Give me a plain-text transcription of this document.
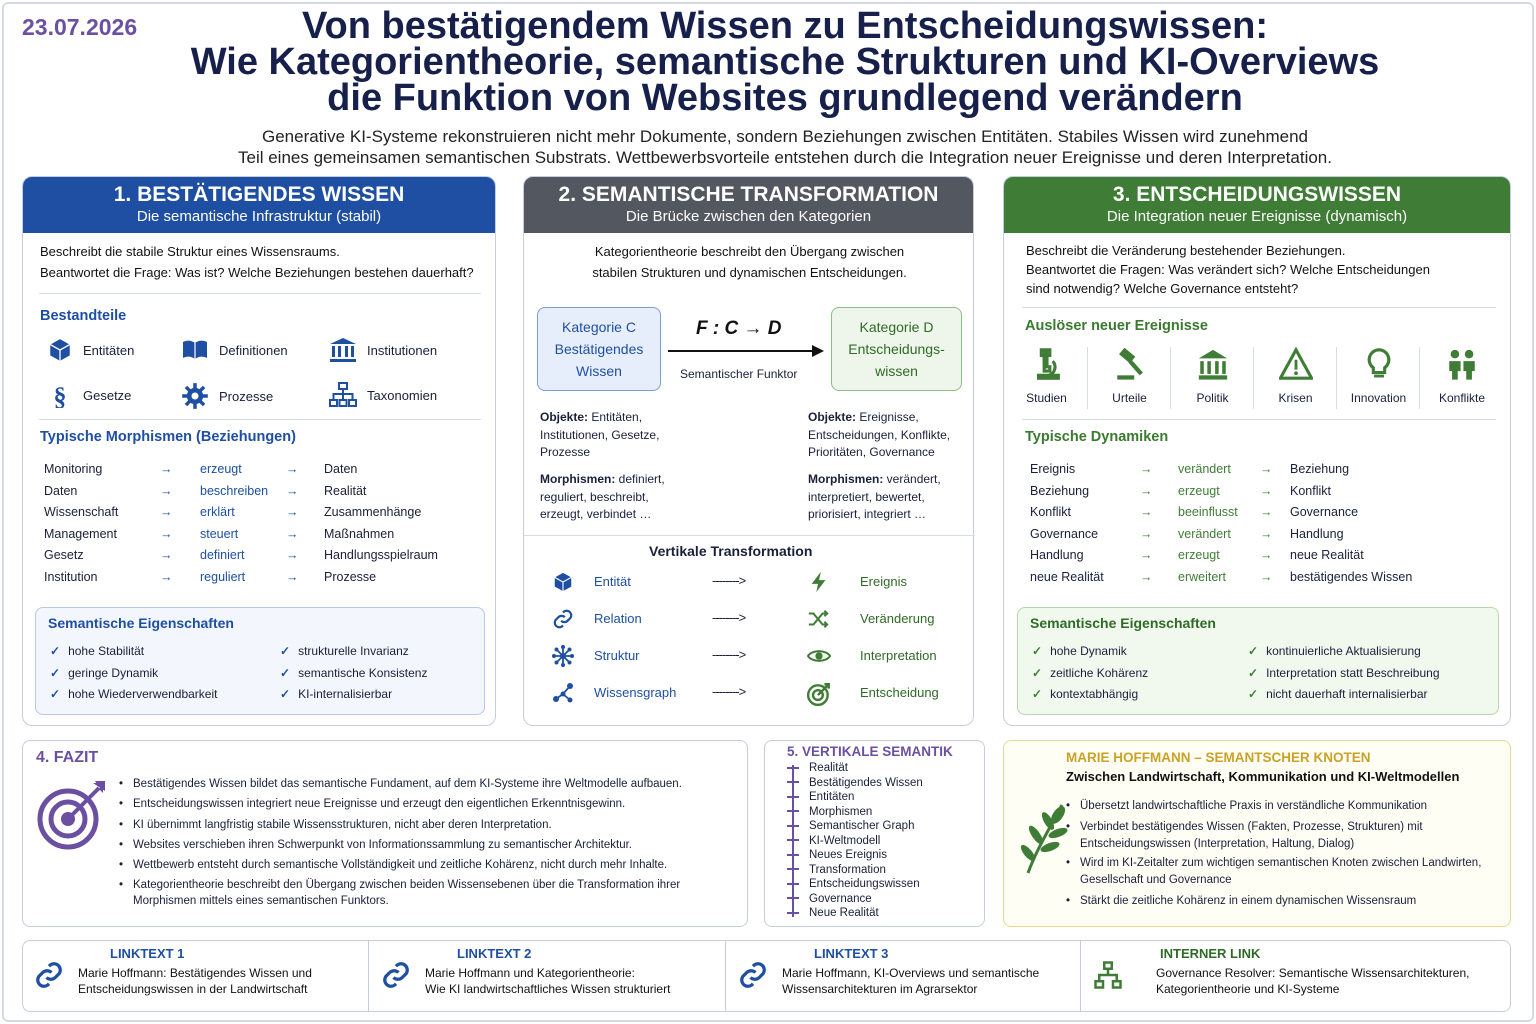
23.07.2026	Von bestätigendem Wissen zu Entscheidungswissen:
Wie Kategorientheorie, semantische Strukturen und KI-Overviews
die Funktion von Websites grundlegend verändern
Generative KI-Systeme rekonstruieren nicht mehr Dokumente, sondern Beziehungen zwischen Entitäten. Stabiles Wissen wird zunehmend
Teil eines gemeinsamen semantischen Substrats. Wettbewerbsvorteile entstehen durch die Integration neuer Ereignisse und deren Interpretation.
1. BESTÄTIGENDES WISSEN
Die semantische Infrastruktur (stabil)
Beschreibt die stabile Struktur eines Wissensraums.
Beantwortet die Frage: Was ist? Welche Beziehungen bestehen dauerhaft?
Bestandteile
Entitäten	Definitionen	Institutionen
§ Gesetze	Prozesse	Taxonomien
Typische Morphismen (Beziehungen)
Monitoring	→ erzeugt	→ Daten
Daten	→ beschreiben → Realität
Wissenschaft	→ erklärt	→ Zusammenhänge
Management	→ steuert	→ Maßnahmen
Gesetz	→ definiert	→ Handlungsspielraum
Institution	→ reguliert	→ Prozesse
Semantische Eigenschaften
✓ hohe Stabilität
✓ geringe Dynamik
✓ hohe Wiederverwendbarkeit
✓ strukturelle Invarianz
✓ semantische Konsistenz
✓ KI-internalisierbar
2. SEMANTISCHE TRANSFORMATION
Die Brücke zwischen den Kategorien
Kategorientheorie beschreibt den Übergang zwischen
stabilen Strukturen und dynamischen Entscheidungen.
Kategorie C
Bestätigendes
Wissen
F : C → D
Semantischer Funktor
Kategorie D
Entscheidungs-
wissen
Objekte: Entitäten, Institutionen, Gesetze, Prozesse
Morphismen: definiert, reguliert, beschreibt, erzeugt, verbindet …
Objekte: Ereignisse, Entscheidungen, Konflikte, Prioritäten, Governance
Morphismen: verändert, interpretiert, bewertet, priorisiert, integriert …
Vertikale Transformation
Entität	-------->	Ereignis
Relation	-------->	Veränderung
Struktur	-------->	Interpretation
Wissensgraph	-------->	Entscheidung
3. ENTSCHEIDUNGSWISSEN
Die Integration neuer Ereignisse (dynamisch)
Beschreibt die Veränderung bestehender Beziehungen.
Beantwortet die Fragen: Was verändert sich? Welche Entscheidungen
sind notwendig? Welche Governance entsteht?
Auslöser neuer Ereignisse
Studien	Urteile	Politik	Krisen	Innovation	Konflikte
Typische Dynamiken
Ereignis	→ verändert → Beziehung
Beziehung	→ erzeugt	→ Konflikt
Konflikt	→ beeinflusst → Governance
Governance	→ verändert → Handlung
Handlung	→ erzeugt	→ neue Realität
neue Realität	→ erweitert	→ bestätigendes Wissen
Semantische Eigenschaften
✓ hohe Dynamik
✓ zeitliche Kohärenz
✓ kontextabhängig
✓ kontinuierliche Aktualisierung
✓ Interpretation statt Beschreibung
✓ nicht dauerhaft internalisierbar
4. FAZIT
• Bestätigendes Wissen bildet das semantische Fundament, auf dem KI-Systeme ihre Weltmodelle aufbauen.
• Entscheidungswissen integriert neue Ereignisse und erzeugt den eigentlichen Erkenntnisgewinn.
• KI übernimmt langfristig stabile Wissensstrukturen, nicht aber deren Interpretation.
• Websites verschieben ihren Schwerpunkt von Informationssammlung zu semantischer Architektur.
• Wettbewerb entsteht durch semantische Vollständigkeit und zeitliche Kohärenz, nicht durch mehr Inhalte.
• Kategorientheorie beschreibt den Übergang zwischen beiden Wissensebenen über die Transformation ihrer Morphismen mittels eines semantischen Funktors.
5. VERTIKALE SEMANTIK
Realität
Bestätigendes Wissen
Entitäten
Morphismen
Semantischer Graph
KI-Weltmodell
Neues Ereignis
Transformation
Entscheidungswissen
Governance
Neue Realität
MARIE HOFFMANN – SEMANTSCHER KNOTEN
Zwischen Landwirtschaft, Kommunikation und KI-Weltmodellen
• Übersetzt landwirtschaftliche Praxis in verständliche Kommunikation
• Verbindet bestätigendes Wissen (Fakten, Prozesse, Strukturen) mit Entscheidungswissen (Interpretation, Haltung, Dialog)
• Wird im KI-Zeitalter zum wichtigen semantischen Knoten zwischen Landwirten, Gesellschaft und Governance
• Stärkt die zeitliche Kohärenz in einem dynamischen Wissensraum
LINKTEXT 1
Marie Hoffmann: Bestätigendes Wissen und
Entscheidungswissen in der Landwirtschaft
LINKTEXT 2
Marie Hoffmann und Kategorientheorie:
Wie KI landwirtschaftliches Wissen strukturiert
LINKTEXT 3
Marie Hoffmann, KI-Overviews und semantische
Wissensarchitekturen im Agrarsektor
INTERNER LINK
Governance Resolver: Semantische Wissensarchitekturen,
Kategorientheorie und KI-Systeme
